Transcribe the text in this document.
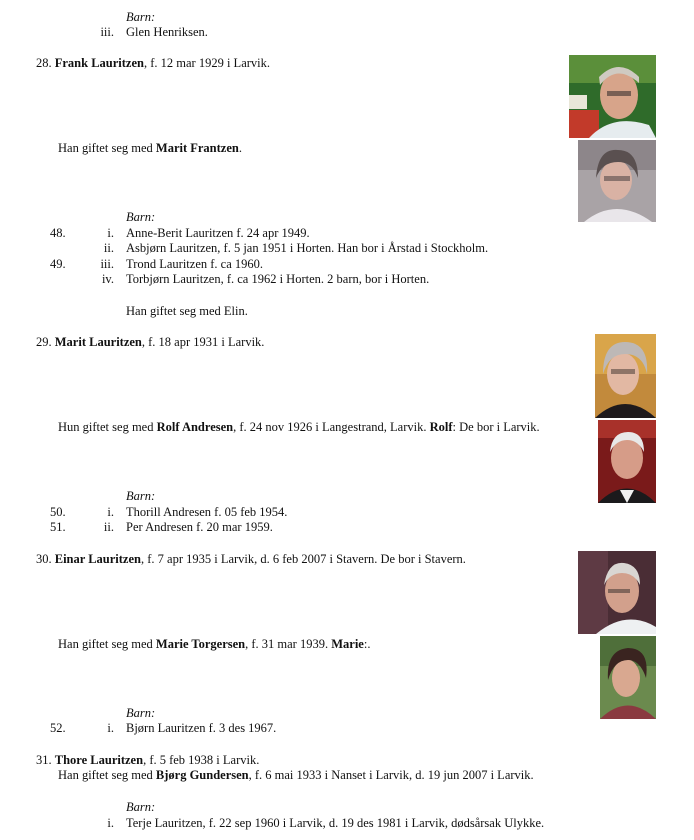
Barn:
iii. Glen Henriksen.
28. Frank Lauritzen, f. 12 mar 1929 i Larvik.
Han giftet seg med Marit Frantzen.
Barn:
48.	i. Anne-Berit Lauritzen f. 24 apr 1949.
ii. Asbjørn Lauritzen, f. 5 jan 1951 i Horten. Han bor i Årstad i Stockholm.
49.	iii. Trond Lauritzen f. ca 1960.
iv. Torbjørn Lauritzen, f. ca 1962 i Horten. 2 barn, bor i Horten.
Han giftet seg med Elin.
29. Marit Lauritzen, f. 18 apr 1931 i Larvik.
Hun giftet seg med Rolf Andresen, f. 24 nov 1926 i Langestrand, Larvik. Rolf: De bor i Larvik.
Barn:
50.	i. Thorill Andresen f. 05 feb 1954.
51.	ii. Per Andresen f. 20 mar 1959.
30. Einar Lauritzen, f. 7 apr 1935 i Larvik, d. 6 feb 2007 i Stavern. De bor i Stavern.
Han giftet seg med Marie Torgersen, f. 31 mar 1939. Marie:.
Barn:
52.	i. Bjørn Lauritzen f. 3 des 1967.
31. Thore Lauritzen, f. 5 feb 1938 i Larvik.
Han giftet seg med Bjørg Gundersen, f. 6 mai 1933 i Nanset i Larvik, d. 19 jun 2007 i Larvik.
Barn:
i. Terje Lauritzen, f. 22 sep 1960 i Larvik, d. 19 des 1981 i Larvik, dødsårsak Ulykke.
